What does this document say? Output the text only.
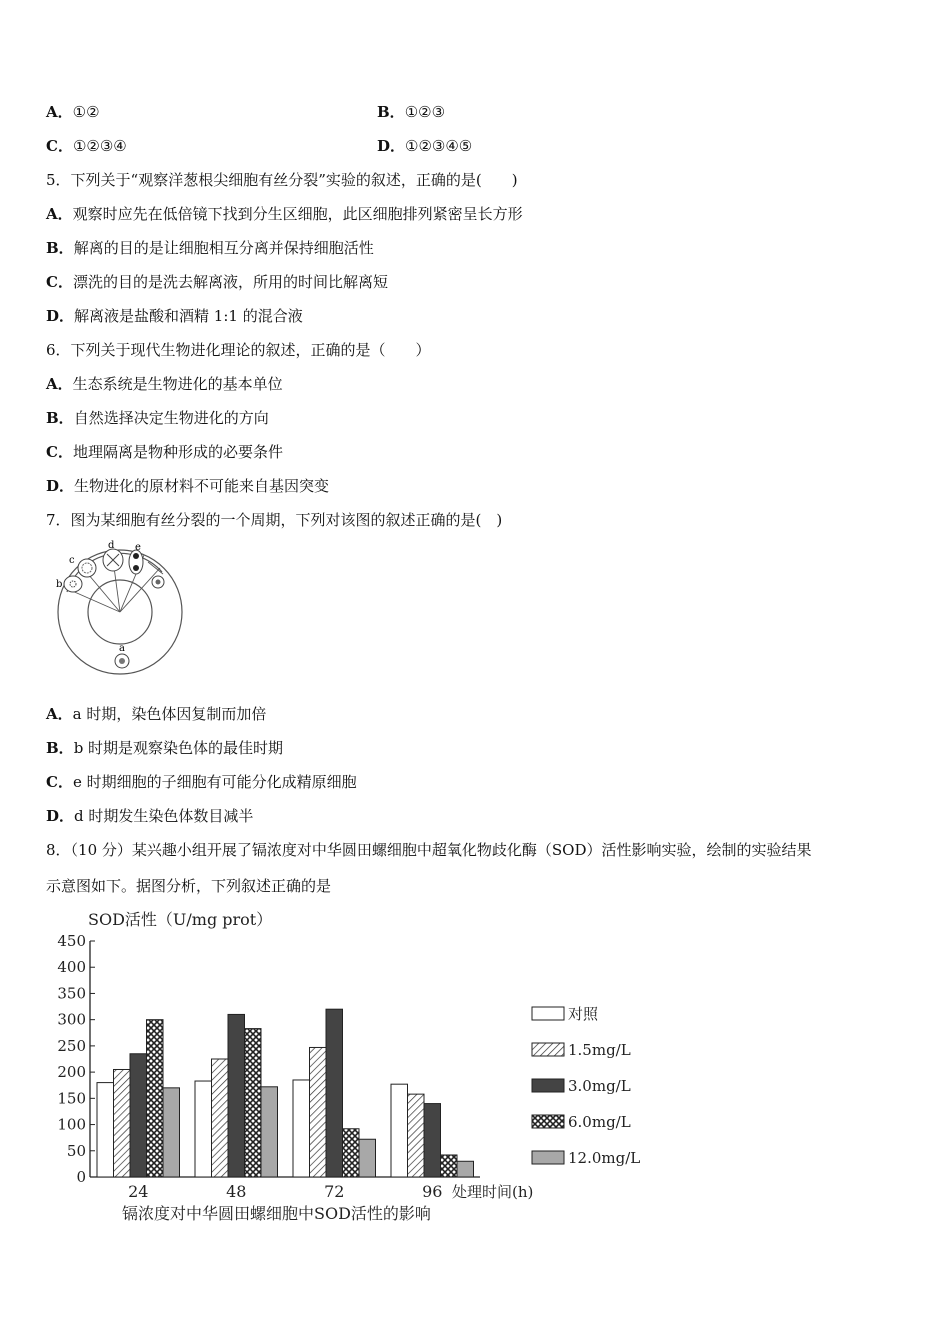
A．①②	B．①②③
C．①②③④	D．①②③④⑤
5．下列关于“观察洋葱根尖细胞有丝分裂”实验的叙述，正确的是(　　)
A．观察时应先在低倍镜下找到分生区细胞，此区细胞排列紧密呈长方形
B．解离的目的是让细胞相互分离并保持细胞活性
C．漂洗的目的是洗去解离液，所用的时间比解离短
D．解离液是盐酸和酒精 1:1 的混合液
6．下列关于现代生物进化理论的叙述，正确的是（　　）
A．生态系统是生物进化的基本单位
B．自然选择决定生物进化的方向
C．地理隔离是物种形成的必要条件
D．生物进化的原材料不可能来自基因突变
7．图为某细胞有丝分裂的一个周期，下列对该图的叙述正确的是(　)
a
b
c
d e
A．a 时期，染色体因复制而加倍
B．b 时期是观察染色体的最佳时期
C．e 时期细胞的子细胞有可能分化成精原细胞
D．d 时期发生染色体数目减半
8．（10 分）某兴趣小组开展了镉浓度对中华圆田螺细胞中超氧化物歧化酶（SOD）活性影响实验，绘制的实验结果
示意图如下。据图分析，下列叙述正确的是
0
50
100
150
200
250
300
350
400
450
SOD活性（U/mg prot）
24	48	72	96 处理时间(h)
镉浓度对中华圆田螺细胞中SOD活性的影响
对照
1.5mg/L
3.0mg/L
6.0mg/L
12.0mg/L
